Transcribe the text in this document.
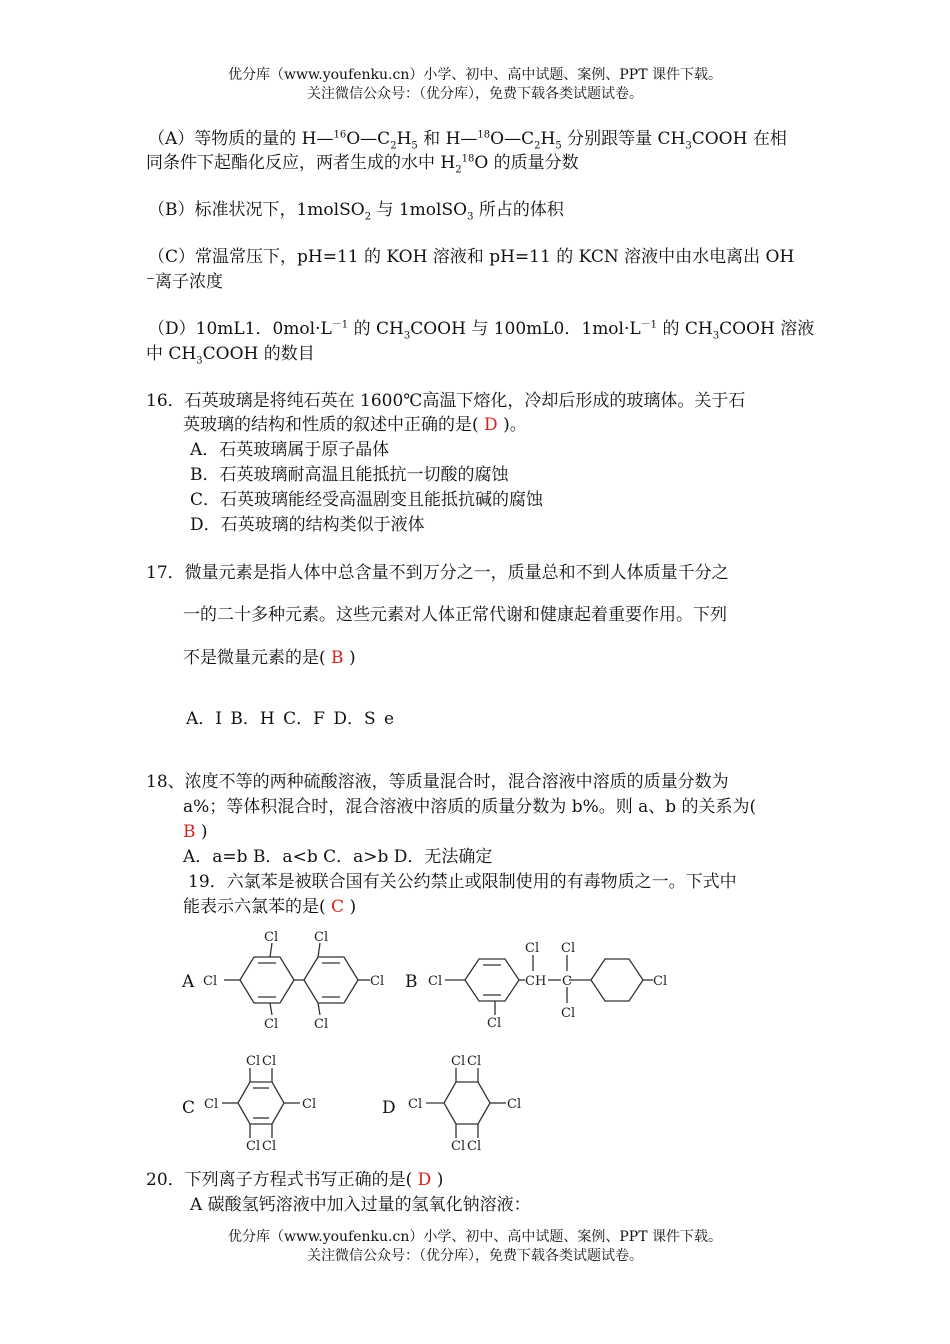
优分库（www.youfenku.cn）小学、初中、高中试题、案例、PPT 课件下载。
关注微信公众号：（优分库），免费下载各类试题试卷。
（A）等物质的量的 $H—^{16}O—C_2H_5$ 和 $H—^{18}O—C_2H_5$ 分别跟等量 $CH_3COOH$ 在相
同条件下起酯化反应，两者生成的水中 $H_2^{18}O$ 的质量分数
（B）标准状况下，1molSO$_2$ 与 1molSO$_3$ 所占的体积
（C）常温常压下，pH=11 的 KOH 溶液和 pH=11 的 KCN 溶液中由水电离出 OH
⁻离子浓度
（D）10mL1．$0mol\cdot L^{-1}$ 的 $CH_3COOH$ 与 100mL0．$1mol\cdot L^{-1}$ 的 $CH_3COOH$ 溶液
中 $CH_3COOH$ 的数目
16．石英玻璃是将纯石英在 1600℃高温下熔化，冷却后形成的玻璃体。关于石
英玻璃的结构和性质的叙述中正确的是( D )。
A．石英玻璃属于原子晶体
B．石英玻璃耐高温且能抵抗一切酸的腐蚀
C．石英玻璃能经受高温剧变且能抵抗碱的腐蚀
D．石英玻璃的结构类似于液体
17．微量元素是指人体中总含量不到万分之一，质量总和不到人体质量千分之
一的二十多种元素。这些元素对人体正常代谢和健康起着重要作用。下列
不是微量元素的是( B )
A．I B．H C．F D．S e
18、浓度不等的两种硫酸溶液，等质量混合时，混合溶液中溶质的质量分数为
a%；等体积混合时，混合溶液中溶质的质量分数为 b%。则 a、b 的关系为(
B )
A．a=b B．a<b C．a>b D．无法确定
19．六氯苯是被联合国有关公约禁止或限制使用的有毒物质之一。下式中
能表示六氯苯的是( C )
A	B
C	D
Cl	Cl
Cl	Cl
Cl	Cl
Cl
Cl
CH C
Cl Cl
Cl
Cl
Cl	Cl
Cl Cl
Cl Cl
Cl	Cl
Cl Cl
Cl Cl
20．下列离子方程式书写正确的是( D )
A 碳酸氢钙溶液中加入过量的氢氧化钠溶液：
优分库（www.youfenku.cn）小学、初中、高中试题、案例、PPT 课件下载。
关注微信公众号：（优分库），免费下载各类试题试卷。
